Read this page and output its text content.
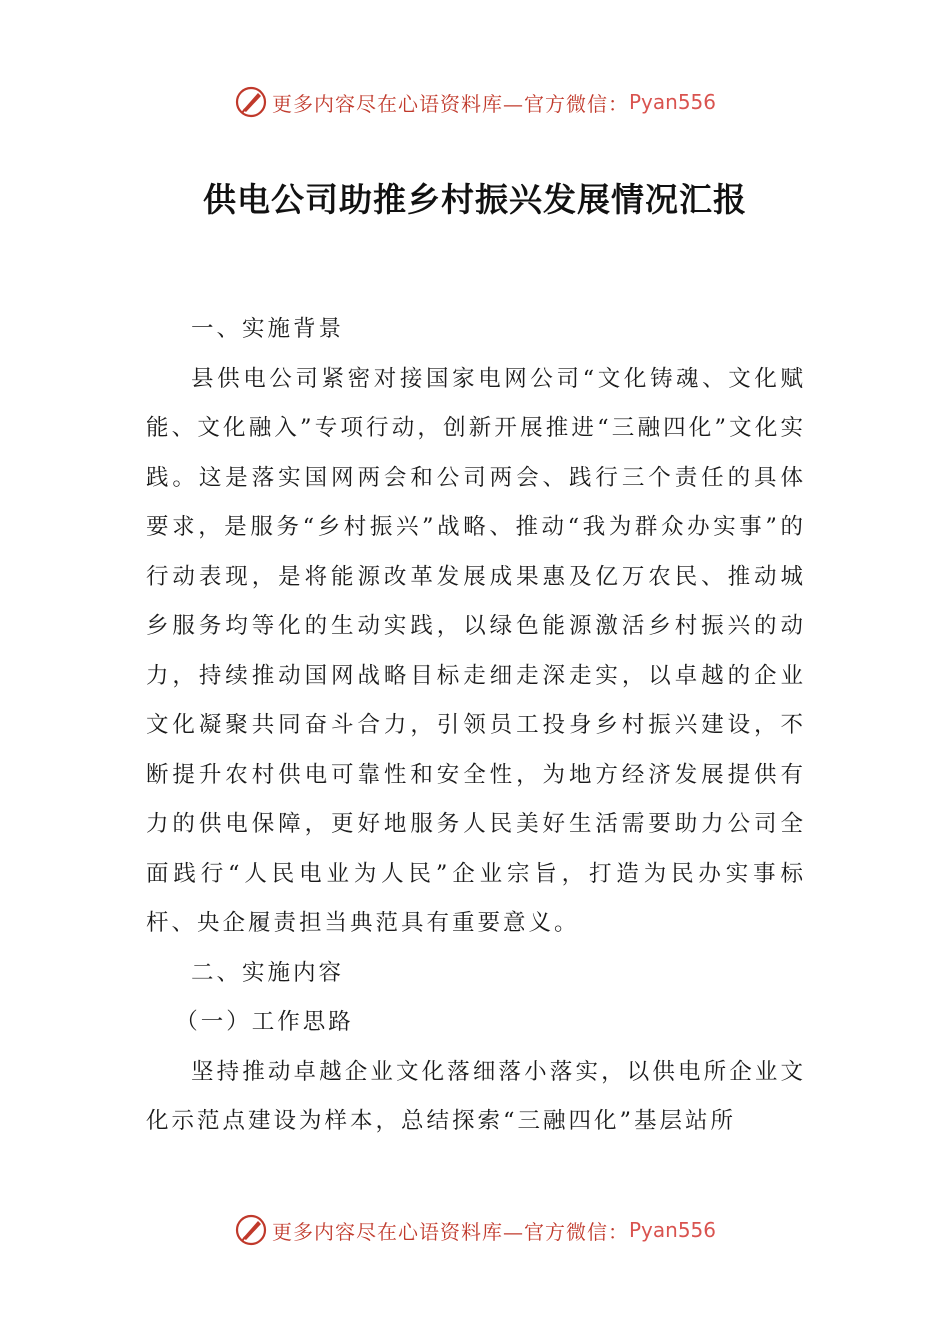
更多内容尽在心语资料库—官方微信： Pyan556
供电公司助推乡村振兴发展情况汇报

一、实施背景

县供电公司紧密对接国家电网公司“文化铸魂、文化赋能、文化融入”专项行动，创新开展推进“三融四化”文化实践。这是落实国网两会和公司两会、践行三个责任的具体要求，是服务“乡村振兴”战略、推动“我为群众办实事”的行动表现，是将能源改革发展成果惠及亿万农民、推动城乡服务均等化的生动实践，以绿色能源激活乡村振兴的动力，持续推动国网战略目标走细走深走实，以卓越的企业文化凝聚共同奋斗合力，引领员工投身乡村振兴建设，不断提升农村供电可靠性和安全性，为地方经济发展提供有力的供电保障，更好地服务人民美好生活需要助力公司全面践行“人民电业为人民”企业宗旨，打造为民办实事标杆、央企履责担当典范具有重要意义。

二、实施内容

（一）工作思路

坚持推动卓越企业文化落细落小落实，以供电所企业文化示范点建设为样本，总结探索“三融四化”基层站所

更多内容尽在心语资料库—官方微信： Pyan556
